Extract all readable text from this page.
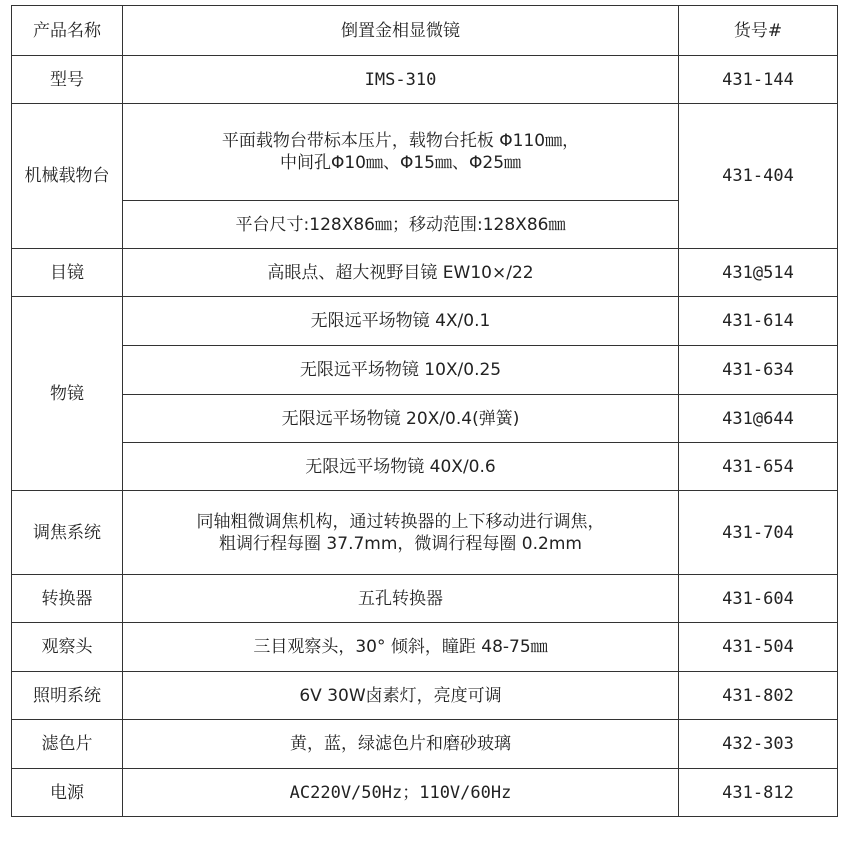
产品名称	倒置金相显微镜	货号#
型号	IMS-310	431-144
机械载物台	平面载物台带标本压片，载物台托板 Φ110㎜，
中间孔Φ10㎜、Φ15㎜、Φ25㎜	431-404
	平台尺寸:128X86㎜；移动范围:128X86㎜	
目镜	高眼点、超大视野目镜 EW10×/22	431@514
物镜	无限远平场物镜 4X/0.1	431-614
	无限远平场物镜 10X/0.25	431-634
	无限远平场物镜 20X/0.4(弹簧)	431@644
	无限远平场物镜 40X/0.6	431-654
调焦系统	同轴粗微调焦机构，通过转换器的上下移动进行调焦，
粗调行程每圈 37.7mm，微调行程每圈 0.2mm	431-704
转换器	五孔转换器	431-604
观察头	三目观察头，30° 倾斜，瞳距 48-75㎜	431-504
照明系统	6V 30W卤素灯，亮度可调	431-802
滤色片	黄，蓝，绿滤色片和磨砂玻璃	432-303
电源	AC220V/50Hz；110V/60Hz	431-812
